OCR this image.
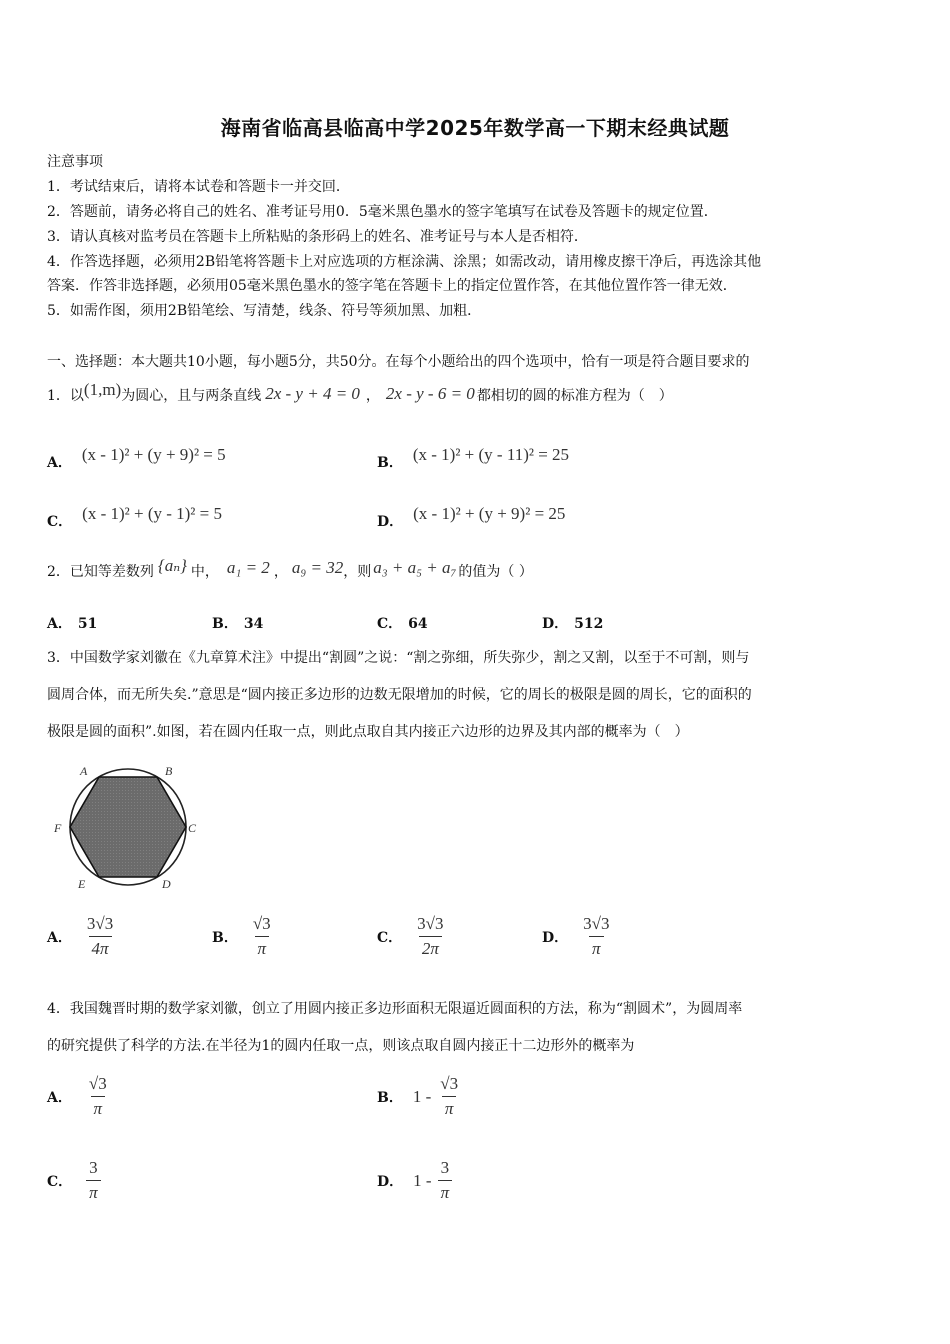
海南省临高县临高中学2025年数学高一下期末经典试题
注意事项
1．考试结束后，请将本试卷和答题卡一并交回．
2．答题前，请务必将自己的姓名、准考证号用0．5毫米黑色墨水的签字笔填写在试卷及答题卡的规定位置．
3．请认真核对监考员在答题卡上所粘贴的条形码上的姓名、准考证号与本人是否相符．
4．作答选择题，必须用2B铅笔将答题卡上对应选项的方框涂满、涂黑；如需改动，请用橡皮擦干净后，再选涂其他
答案．作答非选择题，必须用05毫米黑色墨水的签字笔在答题卡上的指定位置作答，在其他位置作答一律无效．
5．如需作图，须用2B铅笔绘、写清楚，线条、符号等须加黑、加粗．
一、选择题：本大题共10小题，每小题5分，共50分。在每个小题给出的四个选项中，恰有一项是符合题目要求的
1．以 (1,m) 为圆心，且与两条直线 2x - y + 4 = 0 ， 2x - y - 6 = 0 都相切的圆的标准方程为（　）
A． (x - 1)² + (y + 9)² = 5	B． (x - 1)² + (y - 11)² = 25
C． (x - 1)² + (y - 1)² = 5	D． (x - 1)² + (y + 9)² = 25
2．已知等差数列 {aₙ} 中， a₁ = 2 ， a₉ = 32 ，则 a₃ + a₅ + a₇ 的值为（ ）
A． 51	B． 34	C． 64	D． 512
3．中国数学家刘徽在《九章算术注》中提出“割圆”之说：“割之弥细，所失弥少，割之又割，以至于不可割，则与
圆周合体，而无所失矣.”意思是“圆内接正多边形的边数无限增加的时候，它的周长的极限是圆的周长，它的面积的
极限是圆的面积”.如图，若在圆内任取一点，则此点取自其内接正六边形的边界及其内部的概率为（　）
A	B
C
D
E
F
A． $\frac{3√3}{4\pi}$	B． $\frac{√3}{\pi}$	C． $\frac{3√3}{2\pi}$	D． $\frac{3√3}{\pi}$
4．我国魏晋时期的数学家刘徽，创立了用圆内接正多边形面积无限逼近圆面积的方法，称为“割圆术”，为圆周率
的研究提供了科学的方法.在半径为1的圆内任取一点，则该点取自圆内接正十二边形外的概率为
A． $\frac{√3}{\pi}$	B． $1 - \frac{√3}{\pi}$
C． $\frac{3}{\pi}$	D． $1 - \frac{3}{\pi}$
